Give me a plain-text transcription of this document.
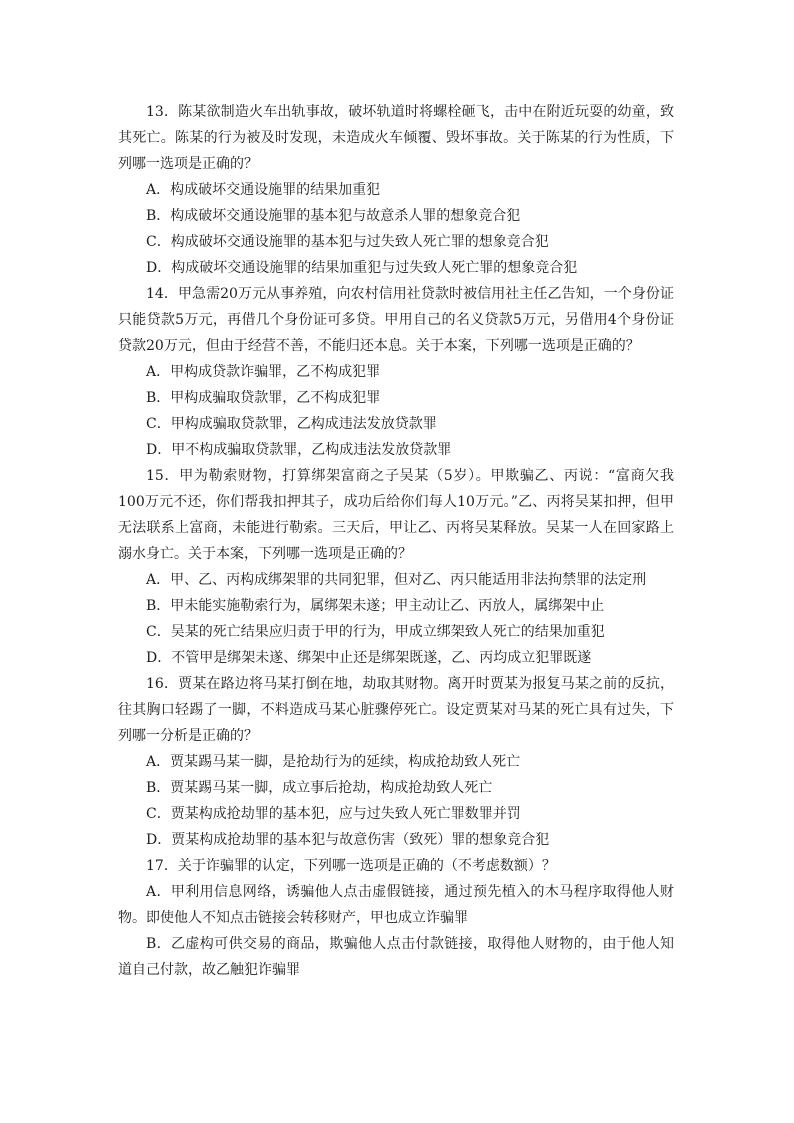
13．陈某欲制造火车出轨事故，破坏轨道时将螺栓砸飞，击中在附近玩耍的幼童，致其死亡。陈某的行为被及时发现，未造成火车倾覆、毁坏事故。关于陈某的行为性质，下列哪一选项是正确的？

A．构成破坏交通设施罪的结果加重犯

B．构成破坏交通设施罪的基本犯与故意杀人罪的想象竞合犯

C．构成破坏交通设施罪的基本犯与过失致人死亡罪的想象竞合犯

D．构成破坏交通设施罪的结果加重犯与过失致人死亡罪的想象竞合犯

14．甲急需20万元从事养殖，向农村信用社贷款时被信用社主任乙告知，一个身份证只能贷款5万元，再借几个身份证可多贷。甲用自己的名义贷款5万元，另借用4个身份证贷款20万元，但由于经营不善，不能归还本息。关于本案，下列哪一选项是正确的？

A．甲构成贷款诈骗罪，乙不构成犯罪

B．甲构成骗取贷款罪，乙不构成犯罪

C．甲构成骗取贷款罪，乙构成违法发放贷款罪

D．甲不构成骗取贷款罪，乙构成违法发放贷款罪

15．甲为勒索财物，打算绑架富商之子吴某（5岁）。甲欺骗乙、丙说：“富商欠我100万元不还，你们帮我扣押其子，成功后给你们每人10万元。”乙、丙将吴某扣押，但甲无法联系上富商，未能进行勒索。三天后，甲让乙、丙将吴某释放。吴某一人在回家路上溺水身亡。关于本案，下列哪一选项是正确的？

A．甲、乙、丙构成绑架罪的共同犯罪，但对乙、丙只能适用非法拘禁罪的法定刑

B．甲未能实施勒索行为，属绑架未遂；甲主动让乙、丙放人，属绑架中止

C．吴某的死亡结果应归责于甲的行为，甲成立绑架致人死亡的结果加重犯

D．不管甲是绑架未遂、绑架中止还是绑架既遂，乙、丙均成立犯罪既遂

16．贾某在路边将马某打倒在地，劫取其财物。离开时贾某为报复马某之前的反抗，往其胸口轻踢了一脚，不料造成马某心脏骤停死亡。设定贾某对马某的死亡具有过失，下列哪一分析是正确的？

A．贾某踢马某一脚，是抢劫行为的延续，构成抢劫致人死亡

B．贾某踢马某一脚，成立事后抢劫，构成抢劫致人死亡

C．贾某构成抢劫罪的基本犯，应与过失致人死亡罪数罪并罚

D．贾某构成抢劫罪的基本犯与故意伤害（致死）罪的想象竞合犯

17．关于诈骗罪的认定，下列哪一选项是正确的（不考虑数额）？

A．甲利用信息网络，诱骗他人点击虚假链接，通过预先植入的木马程序取得他人财物。即使他人不知点击链接会转移财产，甲也成立诈骗罪

B．乙虚构可供交易的商品，欺骗他人点击付款链接，取得他人财物的，由于他人知道自己付款，故乙触犯诈骗罪
